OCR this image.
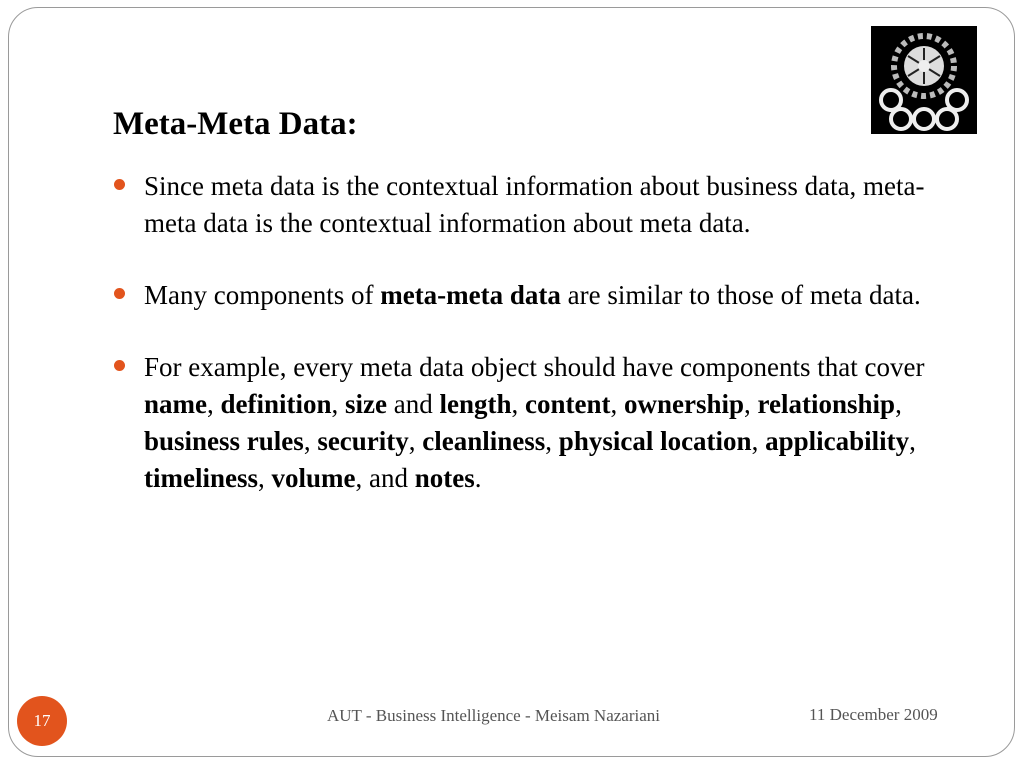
Meta-Meta Data:
Since meta data is the contextual information about business data, meta-meta data is the contextual information about meta data.
Many components of meta-meta data are similar to those of meta data.
For example, every meta data object should have components that cover name, definition, size and length, content, ownership, relationship, business rules, security, cleanliness, physical location, applicability, timeliness, volume, and notes.
17	AUT - Business Intelligence - Meisam Nazariani	11 December 2009
